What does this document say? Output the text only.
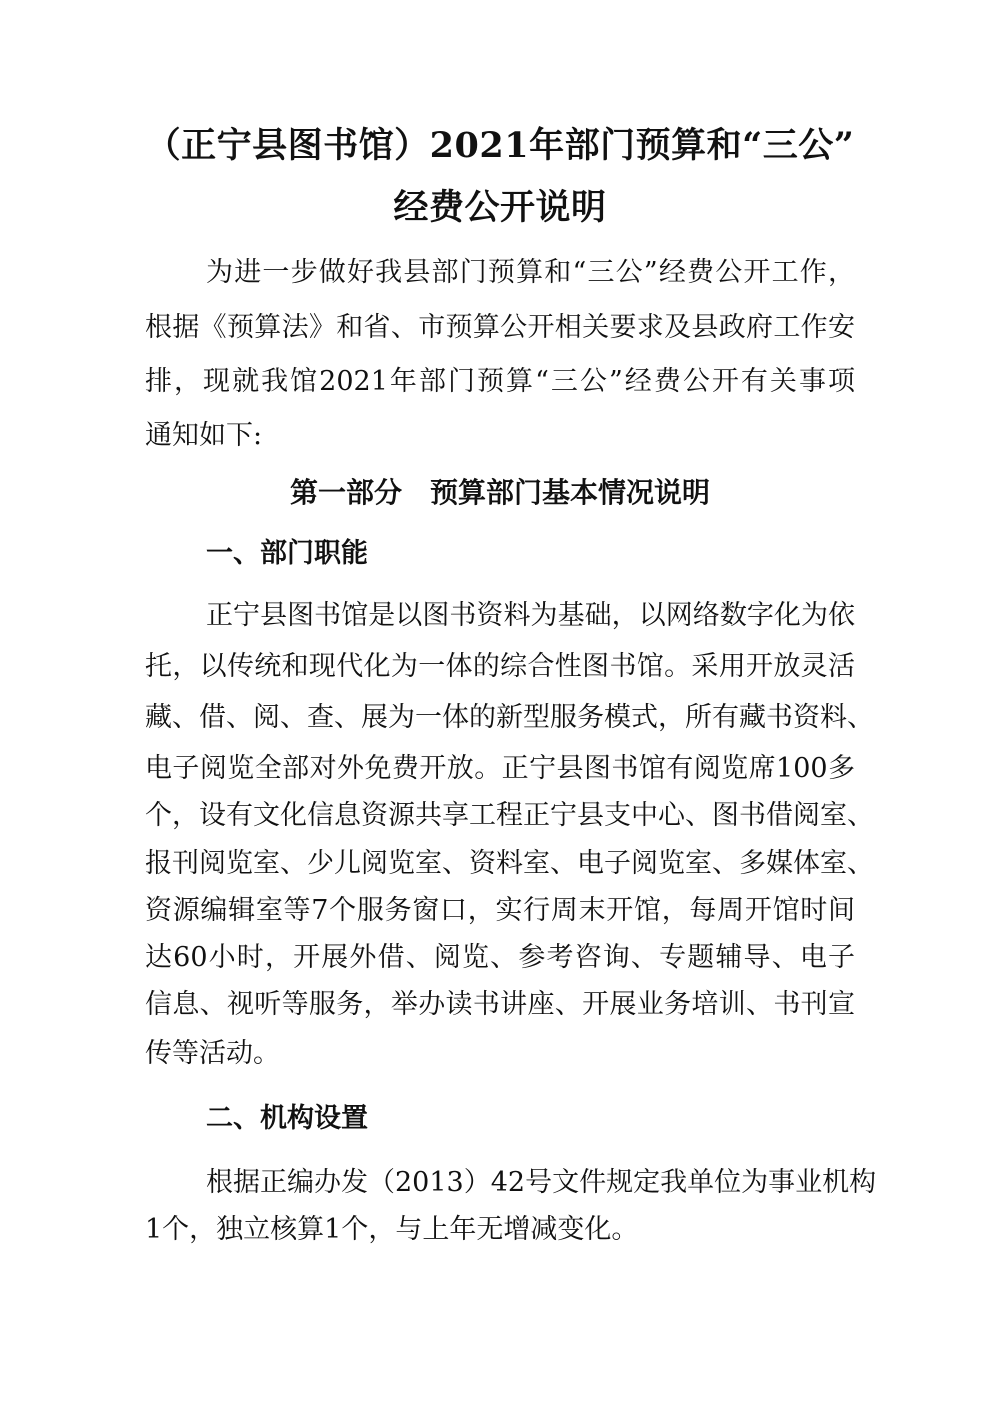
（正宁县图书馆）2021年部门预算和“三公”
经费公开说明
为进一步做好我县部门预算和“三公”经费公开工作，
根据《预算法》和省、市预算公开相关要求及县政府工作安
排，现就我馆2021年部门预算“三公”经费公开有关事项
通知如下:
第一部分　预算部门基本情况说明
一、部门职能
正宁县图书馆是以图书资料为基础，以网络数字化为依
托，以传统和现代化为一体的综合性图书馆。采用开放灵活
藏、借、阅、查、展为一体的新型服务模式，所有藏书资料、
电子阅览全部对外免费开放。正宁县图书馆有阅览席100多
个，设有文化信息资源共享工程正宁县支中心、图书借阅室、
报刊阅览室、少儿阅览室、资料室、电子阅览室、多媒体室、
资源编辑室等7个服务窗口，实行周末开馆，每周开馆时间
达60小时，开展外借、阅览、参考咨询、专题辅导、电子
信息、视听等服务，举办读书讲座、开展业务培训、书刊宣
传等活动。
二、机构设置
根据正编办发（2013）42号文件规定我单位为事业机构
1个，独立核算1个，与上年无增减变化。
